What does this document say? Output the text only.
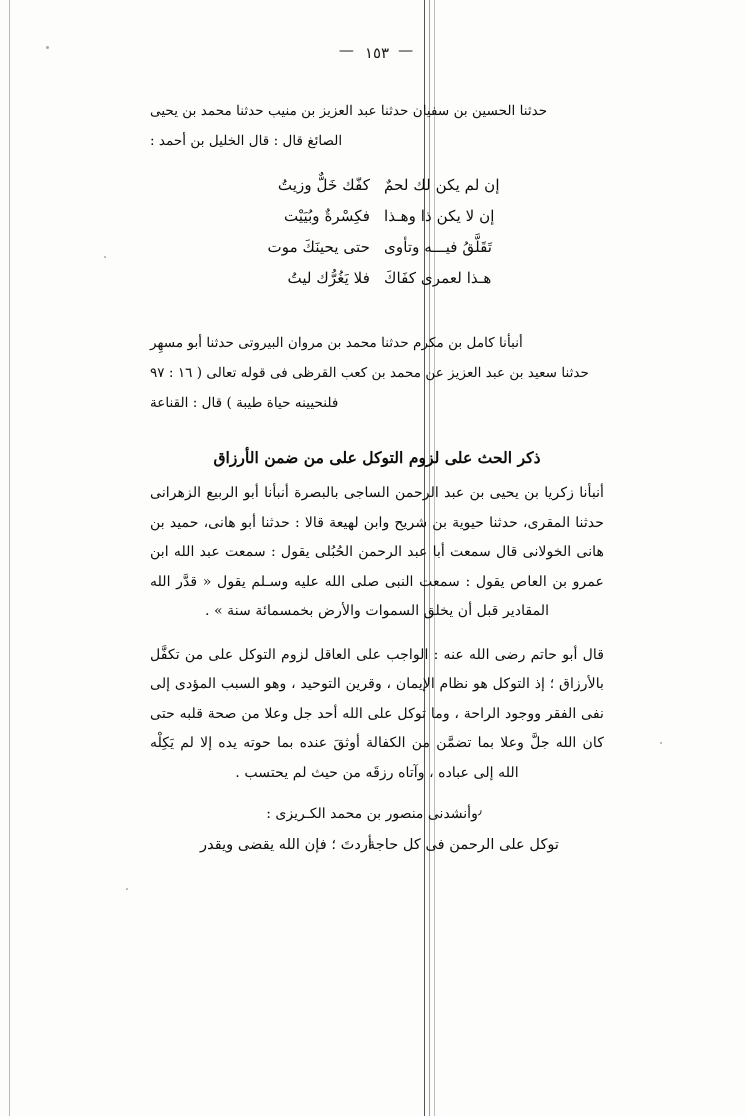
—١٥٣—
حدثنا الحسين بن سفيان حدثنا عبد العزيز بن منيب حدثنا محمد بن يحيى
الصائغ قال : قال الخليل بن أحمد :
إن لم يكن لك لحمٌ
كفّك خَلٌّ وزيتُ
إن لا يكن ذا وهـذا
فكِسْرةٌ وبُيَيْت
تَقَلَّقُ فيـــه وتأوى
حتى يحينَكَ موت
هـذا لعمرى كفَاكَ
فلا يَغُرُّك ليتُ
أنبأنا كامل بن مكرم حدثنا محمد بن مروان البيروتى حدثنا أبو مسهِر
حدثنا سعيد بن عبد العزيز عن محمد بن كعب القرظى فى قوله تعالى ( ١٦ : ٩٧
فلنحيينه حياة طيبة ) قال : القناعة
ذكر الحث على لزوم التوكل على من ضمن الأرزاق

أنبأنا زكريا بن يحيى بن عبد الرحمن الساجى بالبصرة أنبأنا أبو الربيع الزهرانى حدثنا المقرى، حدثنا حيوية بن شريح وابن لهيعة قالا : حدثنا أبو هانى، حميد بن هانى الخولانى قال سمعت أبا عبد الرحمن الحُبُلى يقول : سمعت عبد الله ابن عمرو بن العاص يقول : سمعت النبى صلى الله عليه وسـلم يقول « قدَّر الله المقادير قبل أن يخلق السموات والأرض بخمسمائة سنة » .

قال أبو حاتم رضى الله عنه : الواجب على العاقل لزوم التوكل على من تكفَّل بالأرزاق ؛ إذ التوكل هو نظام الإيمان ، وقرين التوحيد ، وهو السبب المؤدى إلى نفى الفقر ووجود الراحة ، وما توكل على الله أحد جل وعلا من صحة قلبه حتى كان الله جلَّ وعلا بما تضمَّن من الكفالة أوثقَ عنده بما حوته يده إلا لم يَكِلْه الله إلى عباده ، وآتاه رزقَه من حيث لم يحتسب .

٫وأنشدنى منصور بن محمد الكـريزى :
توكل على الرحمن فى كل حاجة
أردتَ ؛ فإن الله يقضى ويقدر
